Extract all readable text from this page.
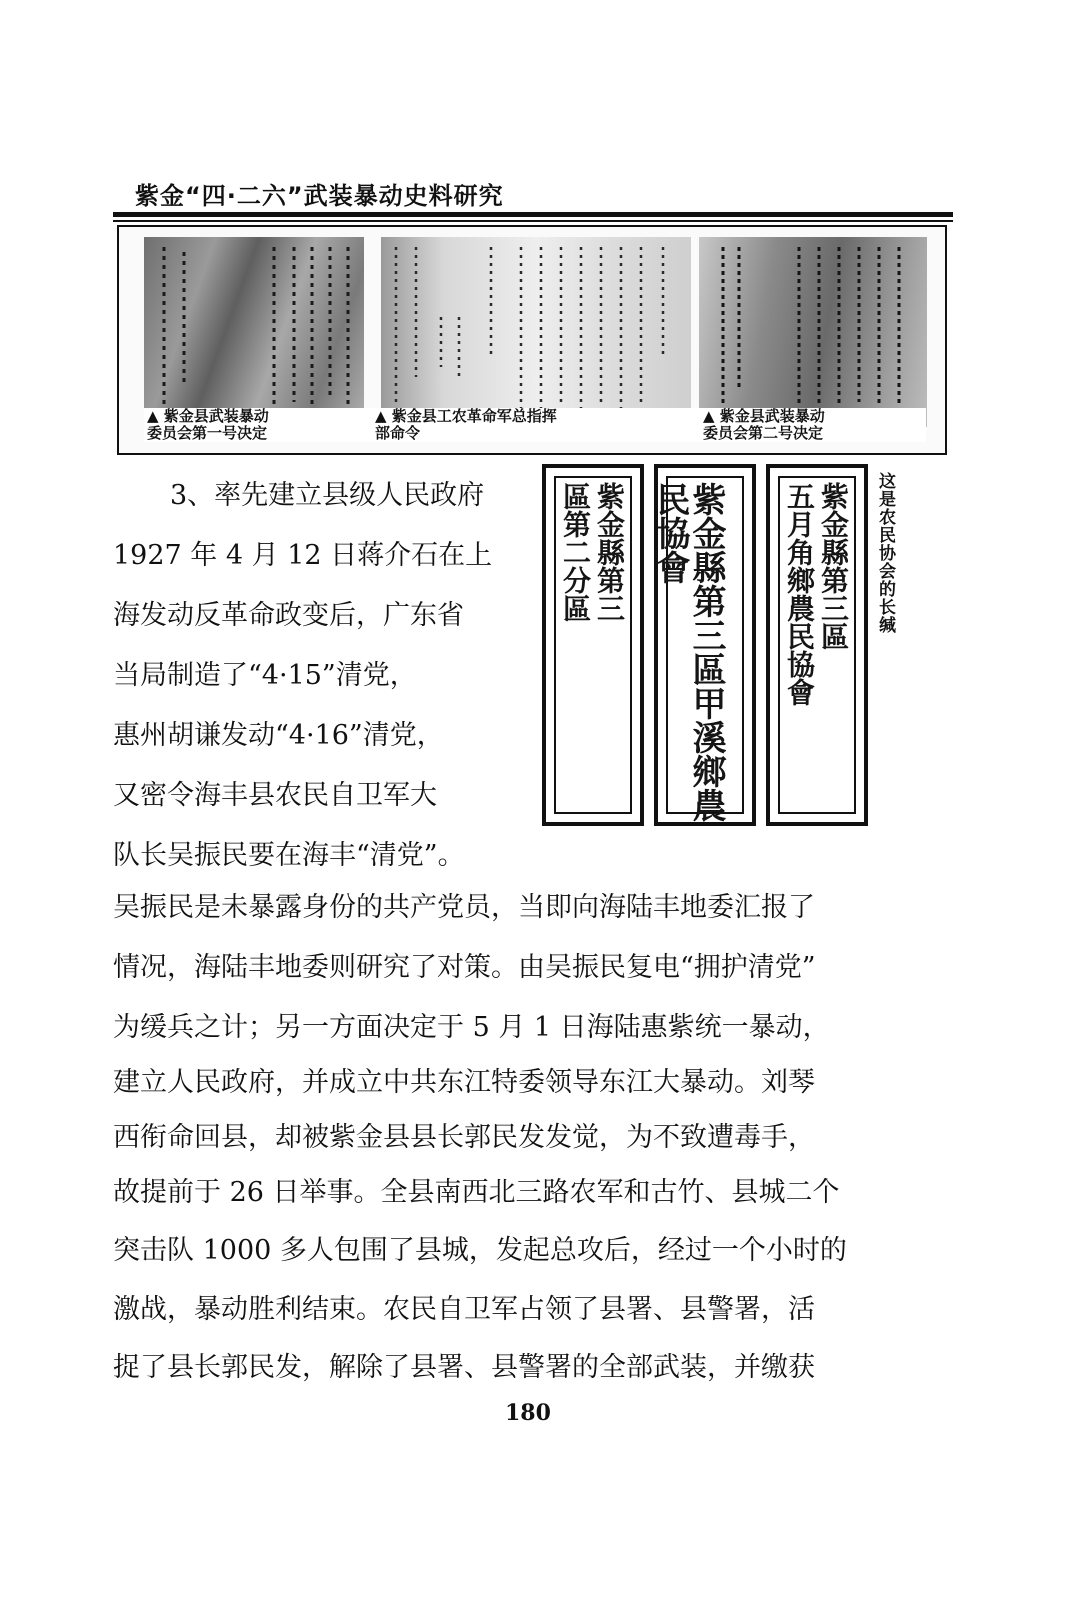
紫金“四·二六”武装暴动史料研究
▲ 紫金县武装暴动
委员会第一号决定
▲ 紫金县工农革命军总指挥
部命令
▲ 紫金县武装暴动
委员会第二号决定
紫金縣第三
區第二分區	紫金縣第三區甲溪鄉農民協會	紫金縣第三區
五月角鄉農民協會	这是农民协会的长缄
3、率先建立县级人民政府
1927 年 4 月 12 日蒋介石在上
海发动反革命政变后，广东省
当局制造了“4·15”清党，
惠州胡谦发动“4·16”清党，
又密令海丰县农民自卫军大
队长吴振民要在海丰“清党”。
吴振民是未暴露身份的共产党员，当即向海陆丰地委汇报了
情况，海陆丰地委则研究了对策。由吴振民复电“拥护清党”
为缓兵之计；另一方面决定于 5 月 1 日海陆惠紫统一暴动，
建立人民政府，并成立中共东江特委领导东江大暴动。刘琴
西衔命回县，却被紫金县县长郭民发发觉，为不致遭毒手，
故提前于 26 日举事。全县南西北三路农军和古竹、县城二个
突击队 1000 多人包围了县城，发起总攻后，经过一个小时的
激战，暴动胜利结束。农民自卫军占领了县署、县警署，活
捉了县长郭民发，解除了县署、县警署的全部武装，并缴获
180
